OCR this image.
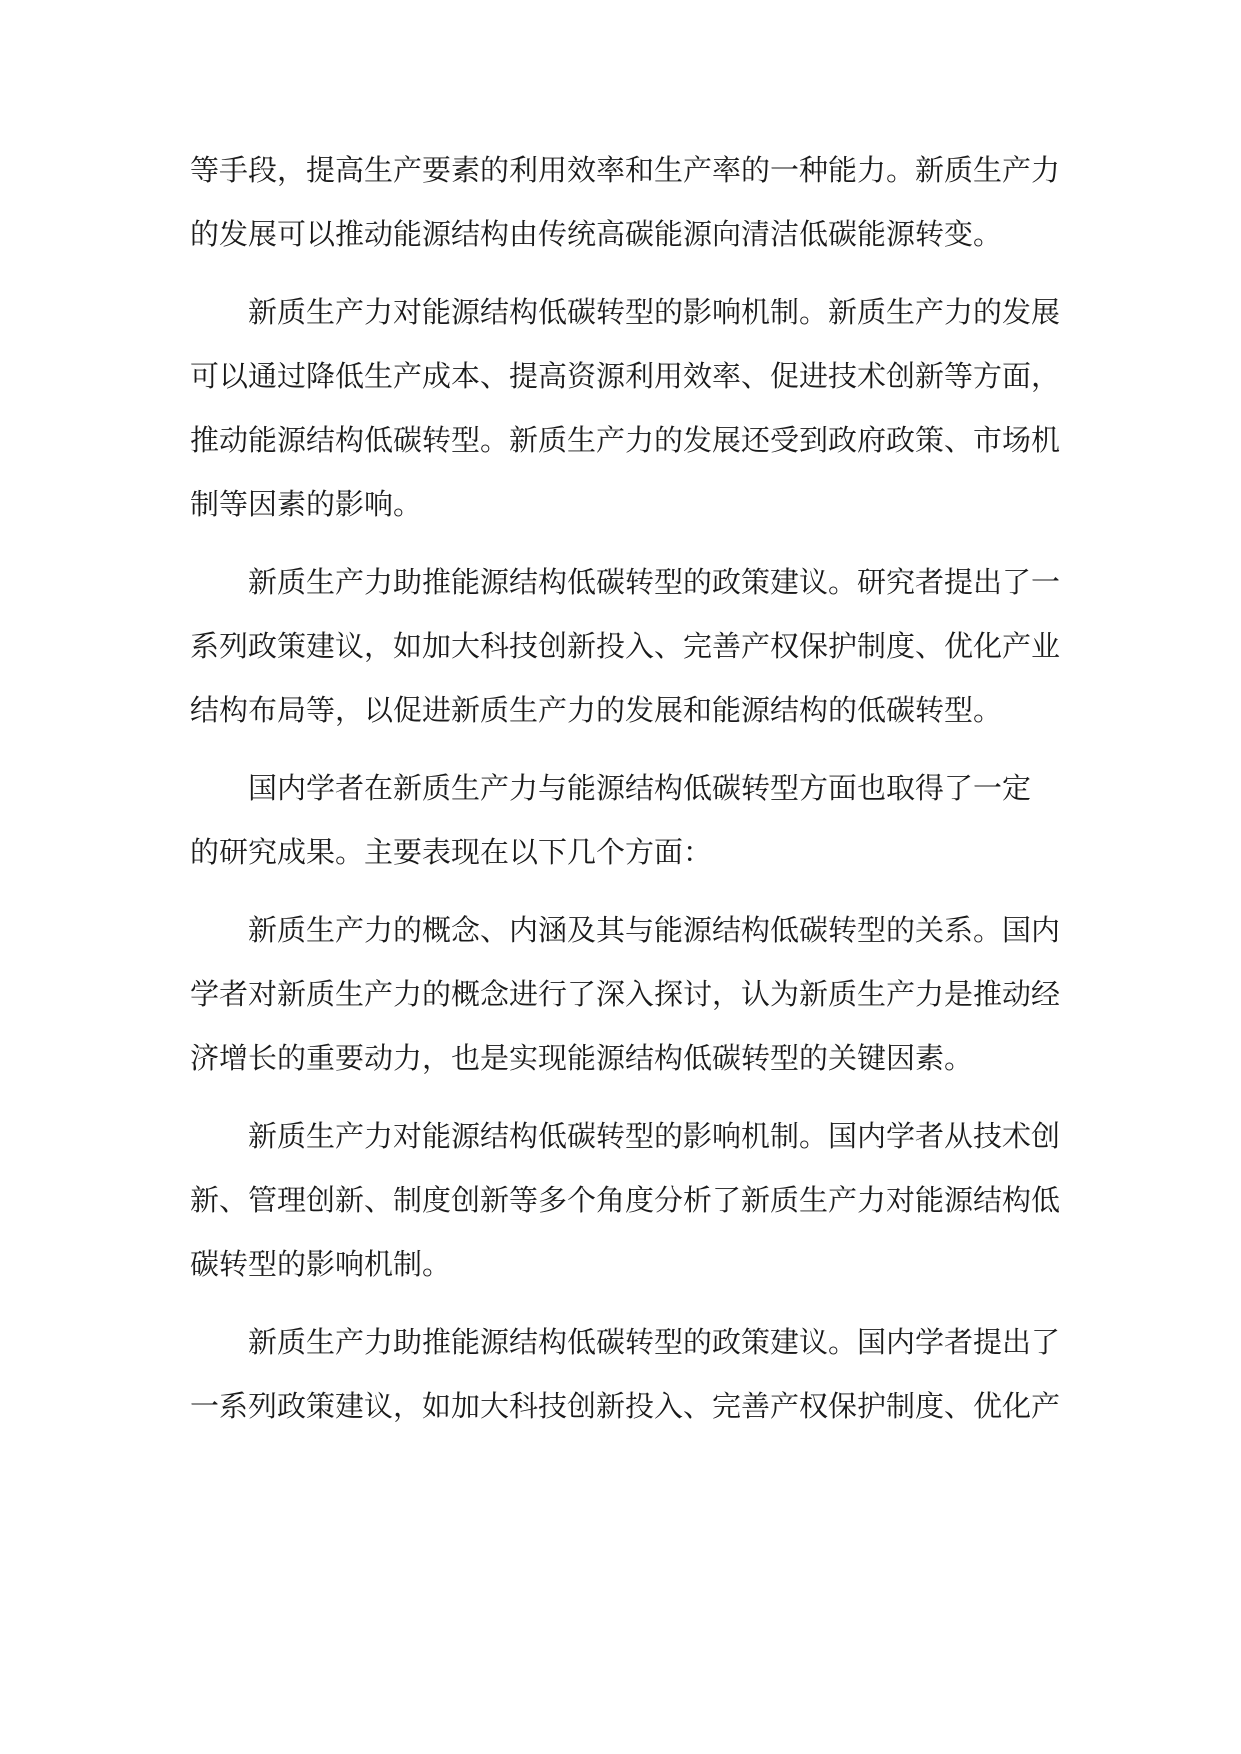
等手段，提高生产要素的利用效率和生产率的一种能力。新质生产力
的发展可以推动能源结构由传统高碳能源向清洁低碳能源转变。
新质生产力对能源结构低碳转型的影响机制。新质生产力的发展
可以通过降低生产成本、提高资源利用效率、促进技术创新等方面，
推动能源结构低碳转型。新质生产力的发展还受到政府政策、市场机
制等因素的影响。
新质生产力助推能源结构低碳转型的政策建议。研究者提出了一
系列政策建议，如加大科技创新投入、完善产权保护制度、优化产业
结构布局等，以促进新质生产力的发展和能源结构的低碳转型。
国内学者在新质生产力与能源结构低碳转型方面也取得了一定
的研究成果。主要表现在以下几个方面：
新质生产力的概念、内涵及其与能源结构低碳转型的关系。国内
学者对新质生产力的概念进行了深入探讨，认为新质生产力是推动经
济增长的重要动力，也是实现能源结构低碳转型的关键因素。
新质生产力对能源结构低碳转型的影响机制。国内学者从技术创
新、管理创新、制度创新等多个角度分析了新质生产力对能源结构低
碳转型的影响机制。
新质生产力助推能源结构低碳转型的政策建议。国内学者提出了
一系列政策建议，如加大科技创新投入、完善产权保护制度、优化产
